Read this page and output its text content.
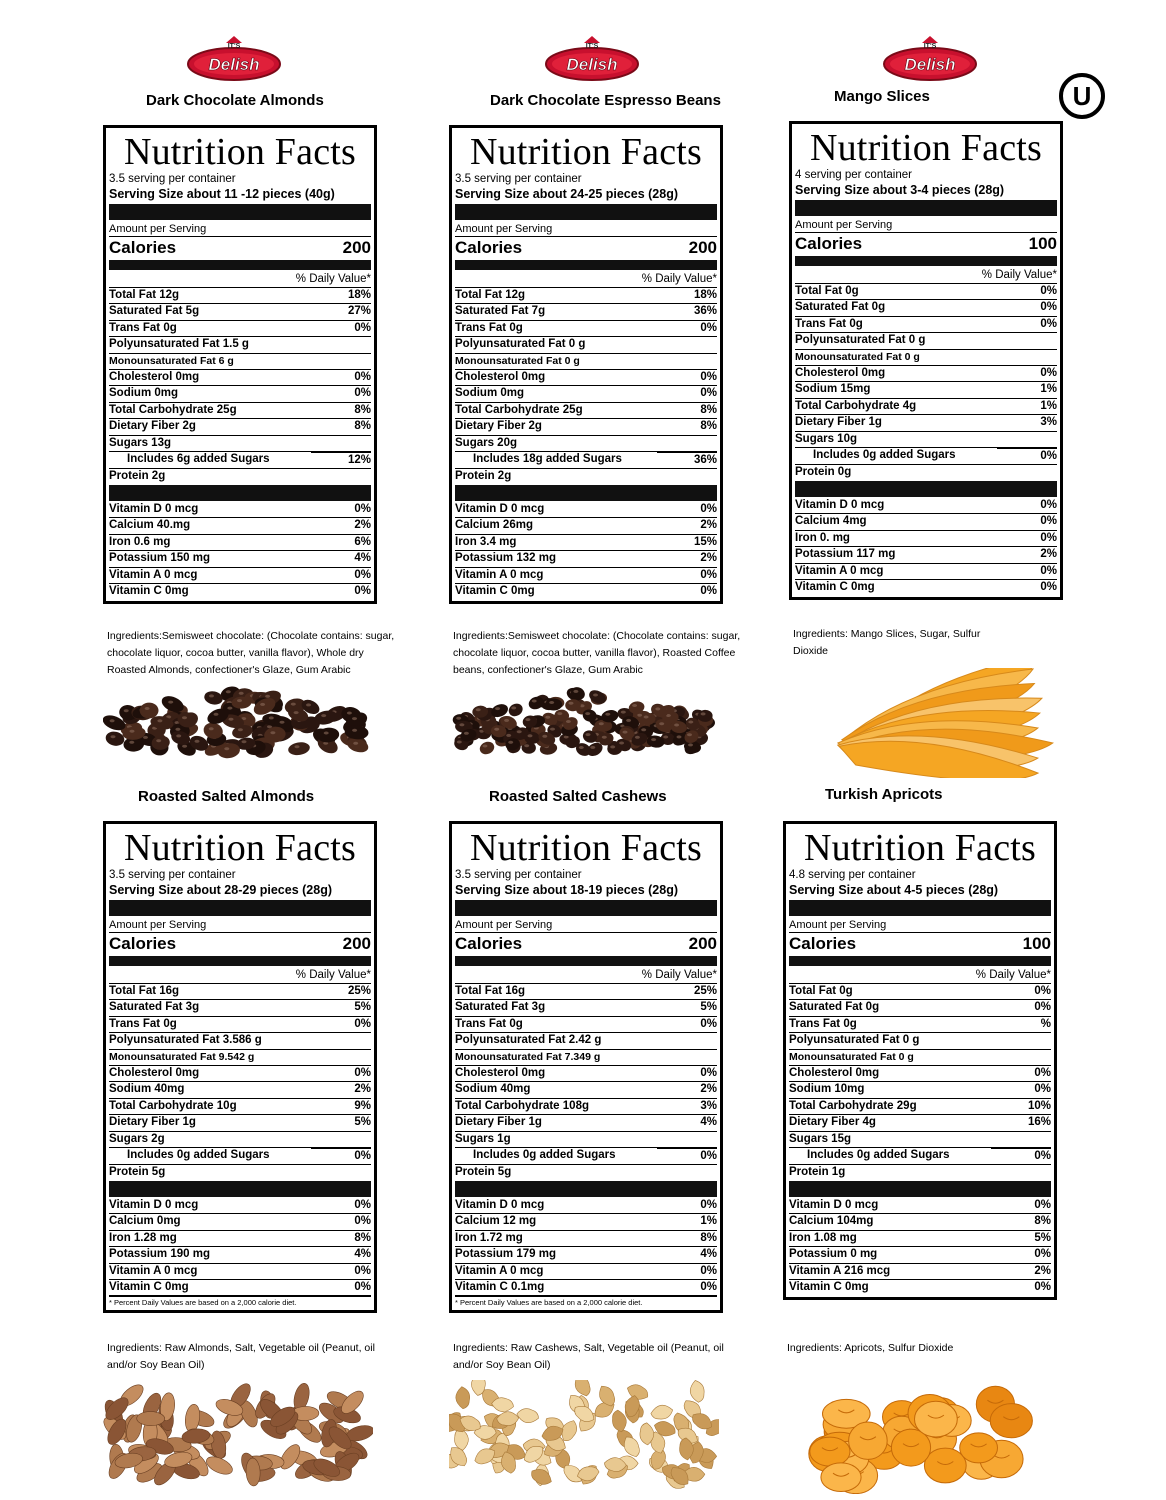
U
IT'S
Delish
Dark Chocolate Almonds
Nutrition Facts
3.5 serving per container
Serving Size about 11 -12 pieces (40g)
Amount per Serving
Calories	200
% Daily Value*
Total Fat 12g	18%
Saturated Fat 5g	27%
Trans Fat 0g	0%
Polyunsaturated Fat 1.5 g
Monounsaturated Fat 6 g
Cholesterol 0mg	0%
Sodium 0mg	0%
Total Carbohydrate 25g	8%
Dietary Fiber 2g	8%
Sugars 13g
Includes 6g added Sugars	12%
Protein 2g
Vitamin D 0 mcg	0%
Calcium 40.mg	2%
Iron 0.6 mg	6%
Potassium 150 mg	4%
Vitamin A 0 mcg	0%
Vitamin C 0mg	0%
Ingredients:Semisweet chocolate: (Chocolate contains: sugar, chocolate liquor, cocoa butter, vanilla flavor), Whole dry Roasted Almonds, confectioner's Glaze, Gum Arabic
IT'S
Delish
Dark Chocolate Espresso Beans
Nutrition Facts
3.5 serving per container
Serving Size about 24-25 pieces (28g)
Amount per Serving
Calories	200
% Daily Value*
Total Fat 12g	18%
Saturated Fat 7g	36%
Trans Fat 0g	0%
Polyunsaturated Fat 0 g
Monounsaturated Fat 0 g
Cholesterol 0mg	0%
Sodium 0mg	0%
Total Carbohydrate 25g	8%
Dietary Fiber 2g	8%
Sugars 20g
Includes 18g added Sugars	36%
Protein 2g
Vitamin D 0 mcg	0%
Calcium 26mg	2%
Iron 3.4 mg	15%
Potassium 132 mg	2%
Vitamin A 0 mcg	0%
Vitamin C 0mg	0%
Ingredients:Semisweet chocolate: (Chocolate contains: sugar, chocolate liquor, cocoa butter, vanilla flavor), Roasted Coffee beans, confectioner's Glaze, Gum Arabic
IT'S
Delish
Mango Slices
Nutrition Facts
4 serving per container
Serving Size about 3-4 pieces (28g)
Amount per Serving
Calories	100
% Daily Value*
Total Fat 0g	0%
Saturated Fat 0g	0%
Trans Fat 0g	0%
Polyunsaturated Fat 0 g
Monounsaturated Fat 0 g
Cholesterol 0mg	0%
Sodium 15mg	1%
Total Carbohydrate 4g	1%
Dietary Fiber 1g	3%
Sugars 10g
Includes 0g added Sugars	0%
Protein 0g
Vitamin D 0 mcg	0%
Calcium 4mg	0%
Iron 0. mg	0%
Potassium 117 mg	2%
Vitamin A 0 mcg	0%
Vitamin C 0mg	0%
Ingredients: Mango Slices, Sugar, Sulfur Dioxide
Roasted Salted Almonds
Nutrition Facts
3.5 serving per container
Serving Size about 28-29 pieces (28g)
Amount per Serving
Calories	200
% Daily Value*
Total Fat 16g	25%
Saturated Fat 3g	5%
Trans Fat 0g	0%
Polyunsaturated Fat 3.586 g
Monounsaturated Fat 9.542 g
Cholesterol 0mg	0%
Sodium 40mg	2%
Total Carbohydrate 10g	9%
Dietary Fiber 1g	5%
Sugars 2g
Includes 0g added Sugars	0%
Protein 5g
Vitamin D 0 mcg	0%
Calcium 0mg	0%
Iron 1.28 mg	8%
Potassium 190 mg	4%
Vitamin A 0 mcg	0%
Vitamin C 0mg	0%
* Percent Daily Values are based on a 2,000 calorie diet.
Ingredients: Raw Almonds, Salt, Vegetable oil (Peanut, oil and/or Soy Bean Oil)
Roasted Salted Cashews
Nutrition Facts
3.5 serving per container
Serving Size about 18-19 pieces (28g)
Amount per Serving
Calories	200
% Daily Value*
Total Fat 16g	25%
Saturated Fat 3g	5%
Trans Fat 0g	0%
Polyunsaturated Fat 2.42 g
Monounsaturated Fat 7.349 g
Cholesterol 0mg	0%
Sodium 40mg	2%
Total Carbohydrate 108g	3%
Dietary Fiber 1g	4%
Sugars 1g
Includes 0g added Sugars	0%
Protein 5g
Vitamin D 0 mcg	0%
Calcium 12 mg	1%
Iron 1.72 mg	8%
Potassium 179 mg	4%
Vitamin A 0 mcg	0%
Vitamin C 0.1mg	0%
* Percent Daily Values are based on a 2,000 calorie diet.
Ingredients: Raw Cashews, Salt, Vegetable oil (Peanut, oil and/or Soy Bean Oil)
Turkish Apricots
Nutrition Facts
4.8 serving per container
Serving Size about 4-5 pieces (28g)
Amount per Serving
Calories	100
% Daily Value*
Total Fat 0g	0%
Saturated Fat 0g	0%
Trans Fat 0g	%
Polyunsaturated Fat 0 g
Monounsaturated Fat 0 g
Cholesterol 0mg	0%
Sodium 10mg	0%
Total Carbohydrate 29g	10%
Dietary Fiber 4g	16%
Sugars 15g
Includes 0g added Sugars	0%
Protein 1g
Vitamin D 0 mcg	0%
Calcium 104mg	8%
Iron 1.08 mg	5%
Potassium 0 mg	0%
Vitamin A 216 mcg	2%
Vitamin C 0mg	0%
Ingredients: Apricots, Sulfur Dioxide
